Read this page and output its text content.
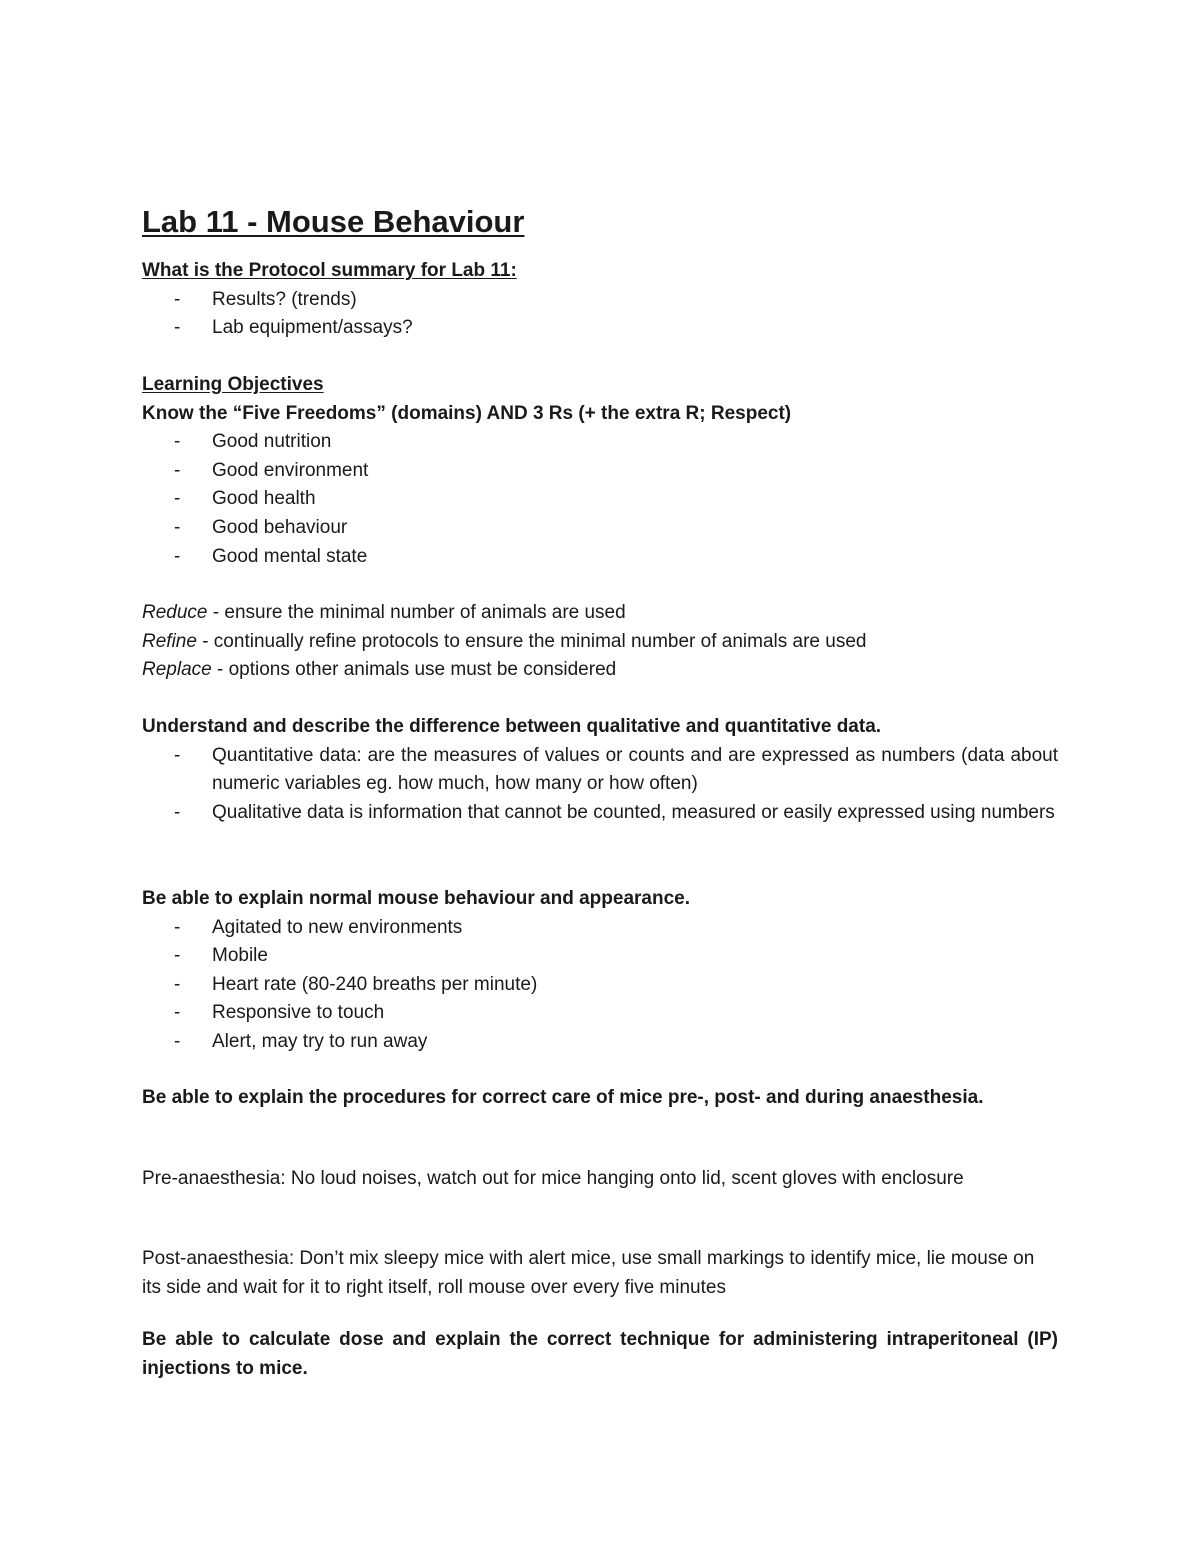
Lab 11 - Mouse Behaviour
What is the Protocol summary for Lab 11:
- Results? (trends)
- Lab equipment/assays?
Learning Objectives
Know the “Five Freedoms” (domains) AND 3 Rs (+ the extra R; Respect)
- Good nutrition
- Good environment
- Good health
- Good behaviour
- Good mental state
Reduce - ensure the minimal number of animals are used
Refine - continually refine protocols to ensure the minimal number of animals are used
Replace - options other animals use must be considered
Understand and describe the difference between qualitative and quantitative data.
- Quantitative data: are the measures of values or counts and are expressed as numbers (data about numeric variables eg. how much, how many or how often)
- Qualitative data is information that cannot be counted, measured or easily expressed using numbers
Be able to explain normal mouse behaviour and appearance.
- Agitated to new environments
- Mobile
- Heart rate (80-240 breaths per minute)
- Responsive to touch
- Alert, may try to run away
Be able to explain the procedures for correct care of mice pre-, post- and during anaesthesia.

Pre-anaesthesia: No loud noises, watch out for mice hanging onto lid, scent gloves with enclosure

Post-anaesthesia: Don’t mix sleepy mice with alert mice, use small markings to identify mice, lie mouse on its side and wait for it to right itself, roll mouse over every five minutes

Be able to calculate dose and explain the correct technique for administering intraperitoneal (IP) injections to mice.
